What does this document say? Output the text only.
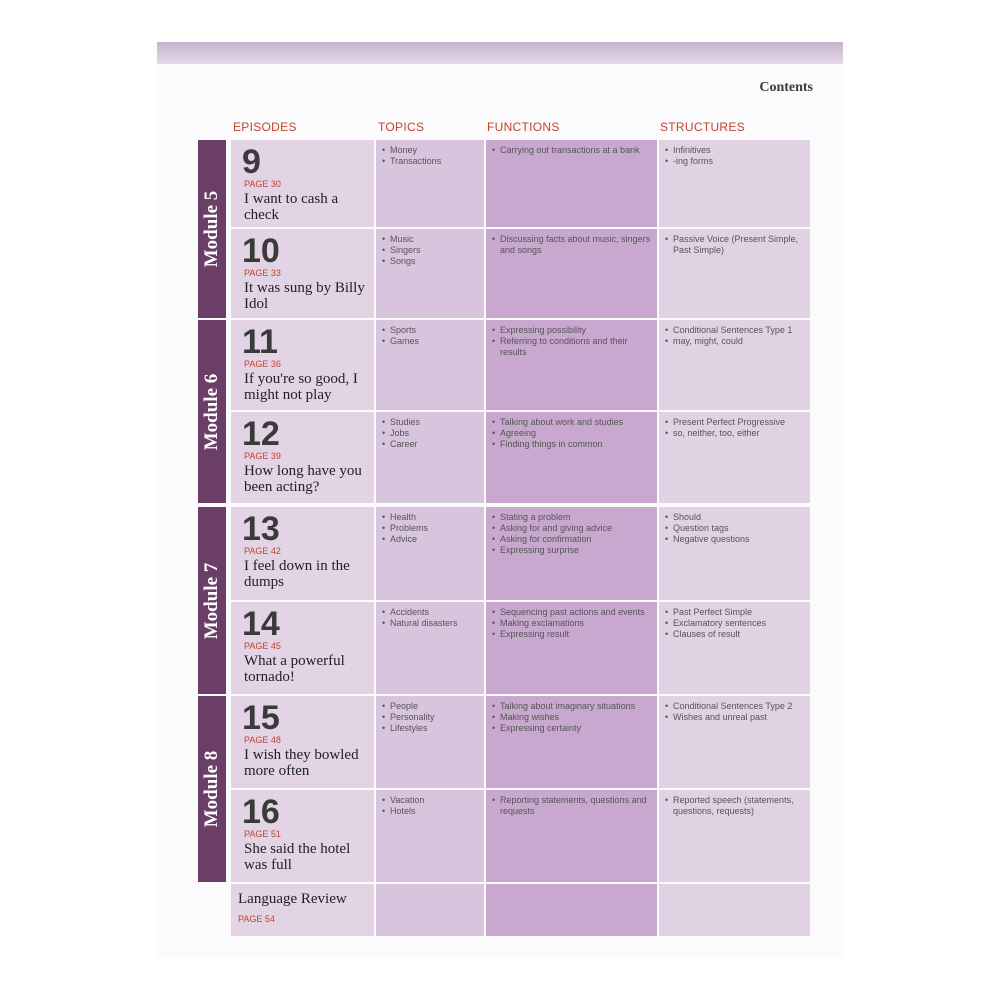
Contents
EPISODES	TOPICS	FUNCTIONS	STRUCTURES
Module 5
Module 6
Module 7
Module 8
9
PAGE 30
I want to cash a check
• Money
• Transactions
• Carrying out transactions at a bank
•	Infinitives
• -ing forms
10
PAGE 33
It was sung by Billy Idol
• Music
• Singers
• Songs
• Discussing facts about music, singers and songs
• Passive Voice (Present Simple, Past Simple)
11
PAGE 36
If you're so good, I might not play
• Sports
• Games
• Expressing possibility
• Referring to conditions and their results
• Conditional Sentences Type 1
• may, might, could
12
PAGE 39
How long have you been acting?
• Studies
• Jobs
• Career
• Talking about work and studies
• Agreeing
• Finding things in common
• Present Perfect Progressive
• so, neither, too, either
13
PAGE 42
I feel down in the dumps
• Health
• Problems
• Advice
• Stating a problem
• Asking for and giving advice
• Asking for confirmation
• Expressing surprise
• Should
• Question tags
• Negative questions
14
PAGE 45
What a powerful tornado!
• Accidents
• Natural disasters
• Sequencing past actions and events
• Making exclamations
• Expressing result
• Past Perfect Simple
• Exclamatory sentences
• Clauses of result
15
PAGE 48
I wish they bowled more often
• People
• Personality
• Lifestyles
• Talking about imaginary situations
• Making wishes
• Expressing certainty
• Conditional Sentences Type 2
• Wishes and unreal past
16
PAGE 51
She said the hotel was full
• Vacation
• Hotels
• Reporting statements, questions and requests
• Reported speech (statements, questions, requests)
Language Review
PAGE 54
